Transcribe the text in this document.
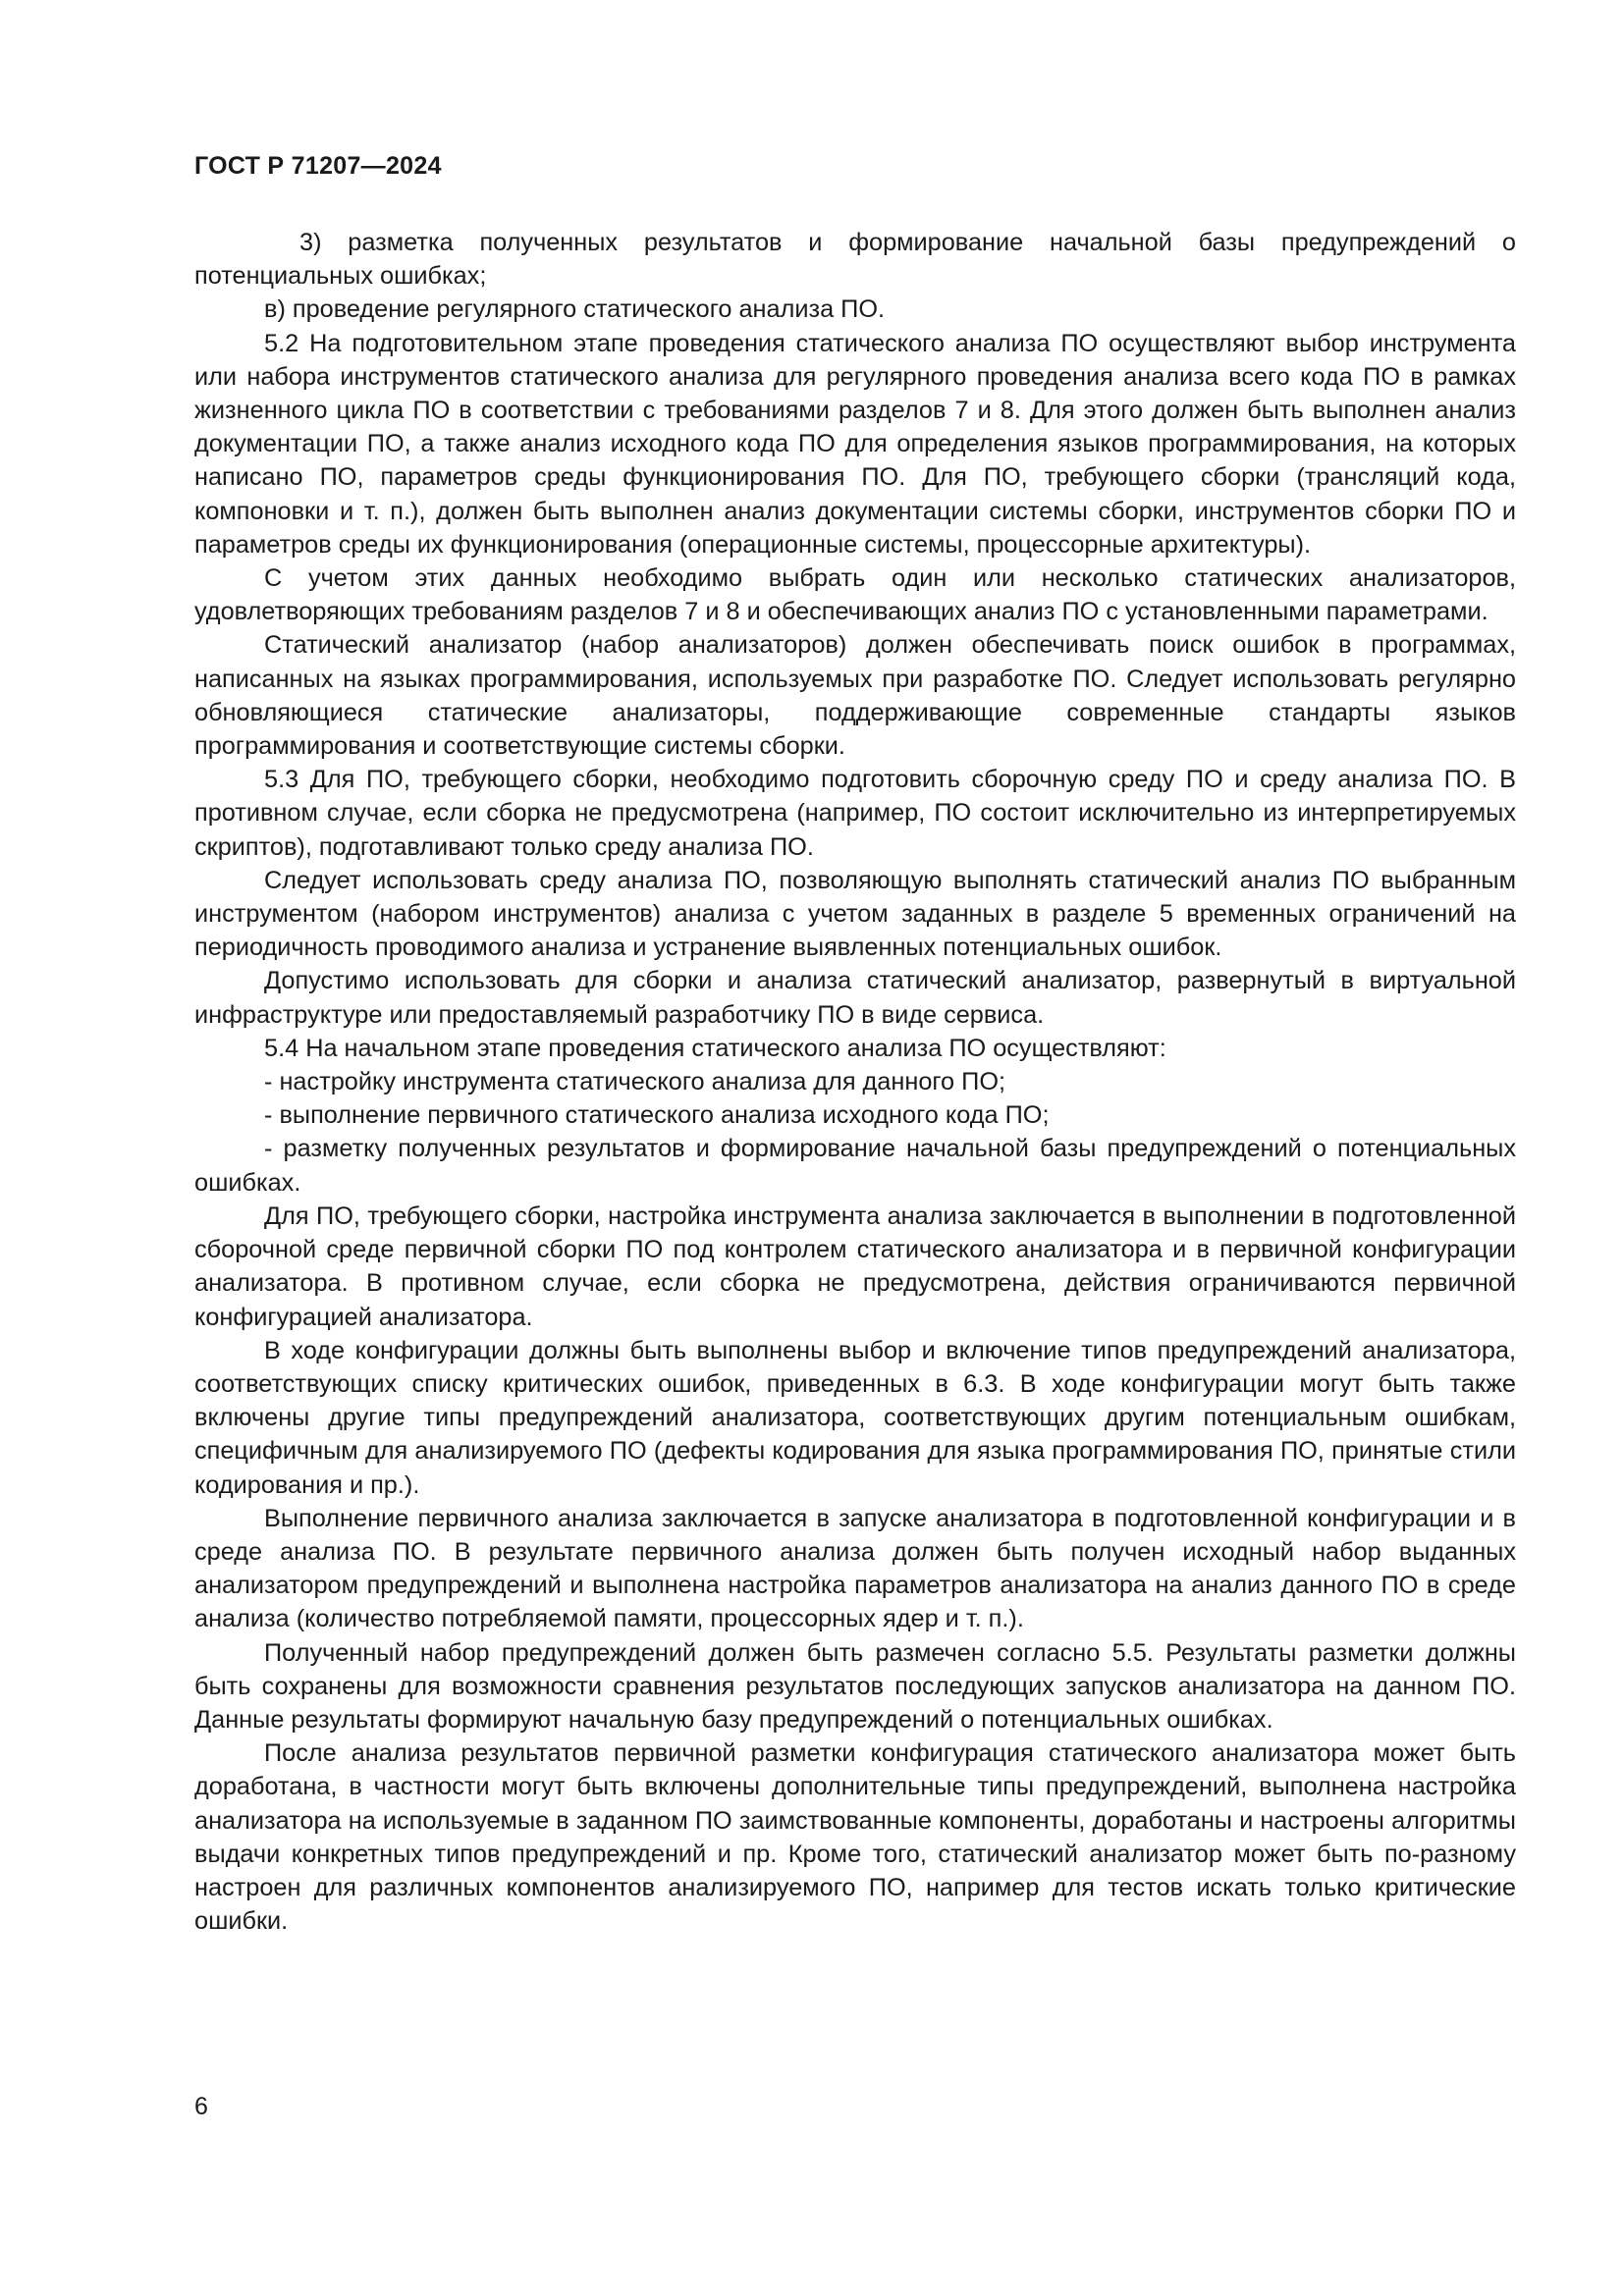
ГОСТ Р 71207—2024

3) разметка полученных результатов и формирование начальной базы предупреждений о потенциальных ошибках;

в) проведение регулярного статического анализа ПО.

5.2 На подготовительном этапе проведения статического анализа ПО осуществляют выбор инструмента или набора инструментов статического анализа для регулярного проведения анализа всего кода ПО в рамках жизненного цикла ПО в соответствии с требованиями разделов 7 и 8. Для этого должен быть выполнен анализ документации ПО, а также анализ исходного кода ПО для определения языков программирования, на которых написано ПО, параметров среды функционирования ПО. Для ПО, требующего сборки (трансляций кода, компоновки и т. п.), должен быть выполнен анализ документации системы сборки, инструментов сборки ПО и параметров среды их функционирования (операционные системы, процессорные архитектуры).

С учетом этих данных необходимо выбрать один или несколько статических анализаторов, удовлетворяющих требованиям разделов 7 и 8 и обеспечивающих анализ ПО с установленными параметрами.

Статический анализатор (набор анализаторов) должен обеспечивать поиск ошибок в программах, написанных на языках программирования, используемых при разработке ПО. Следует использовать регулярно обновляющиеся статические анализаторы, поддерживающие современные стандарты языков программирования и соответствующие системы сборки.

5.3 Для ПО, требующего сборки, необходимо подготовить сборочную среду ПО и среду анализа ПО. В противном случае, если сборка не предусмотрена (например, ПО состоит исключительно из интерпретируемых скриптов), подготавливают только среду анализа ПО.

Следует использовать среду анализа ПО, позволяющую выполнять статический анализ ПО выбранным инструментом (набором инструментов) анализа с учетом заданных в разделе 5 временных ограничений на периодичность проводимого анализа и устранение выявленных потенциальных ошибок.

Допустимо использовать для сборки и анализа статический анализатор, развернутый в виртуальной инфраструктуре или предоставляемый разработчику ПО в виде сервиса.

5.4 На начальном этапе проведения статического анализа ПО осуществляют:

- настройку инструмента статического анализа для данного ПО;

- выполнение первичного статического анализа исходного кода ПО;

- разметку полученных результатов и формирование начальной базы предупреждений о потенциальных ошибках.

Для ПО, требующего сборки, настройка инструмента анализа заключается в выполнении в подготовленной сборочной среде первичной сборки ПО под контролем статического анализатора и в первичной конфигурации анализатора. В противном случае, если сборка не предусмотрена, действия ограничиваются первичной конфигурацией анализатора.

В ходе конфигурации должны быть выполнены выбор и включение типов предупреждений анализатора, соответствующих списку критических ошибок, приведенных в 6.3. В ходе конфигурации могут быть также включены другие типы предупреждений анализатора, соответствующих другим потенциальным ошибкам, специфичным для анализируемого ПО (дефекты кодирования для языка программирования ПО, принятые стили кодирования и пр.).

Выполнение первичного анализа заключается в запуске анализатора в подготовленной конфигурации и в среде анализа ПО. В результате первичного анализа должен быть получен исходный набор выданных анализатором предупреждений и выполнена настройка параметров анализатора на анализ данного ПО в среде анализа (количество потребляемой памяти, процессорных ядер и т. п.).

Полученный набор предупреждений должен быть размечен согласно 5.5. Результаты разметки должны быть сохранены для возможности сравнения результатов последующих запусков анализатора на данном ПО. Данные результаты формируют начальную базу предупреждений о потенциальных ошибках.

После анализа результатов первичной разметки конфигурация статического анализатора может быть доработана, в частности могут быть включены дополнительные типы предупреждений, выполнена настройка анализатора на используемые в заданном ПО заимствованные компоненты, доработаны и настроены алгоритмы выдачи конкретных типов предупреждений и пр. Кроме того, статический анализатор может быть по-разному настроен для различных компонентов анализируемого ПО, например для тестов искать только критические ошибки.

6
